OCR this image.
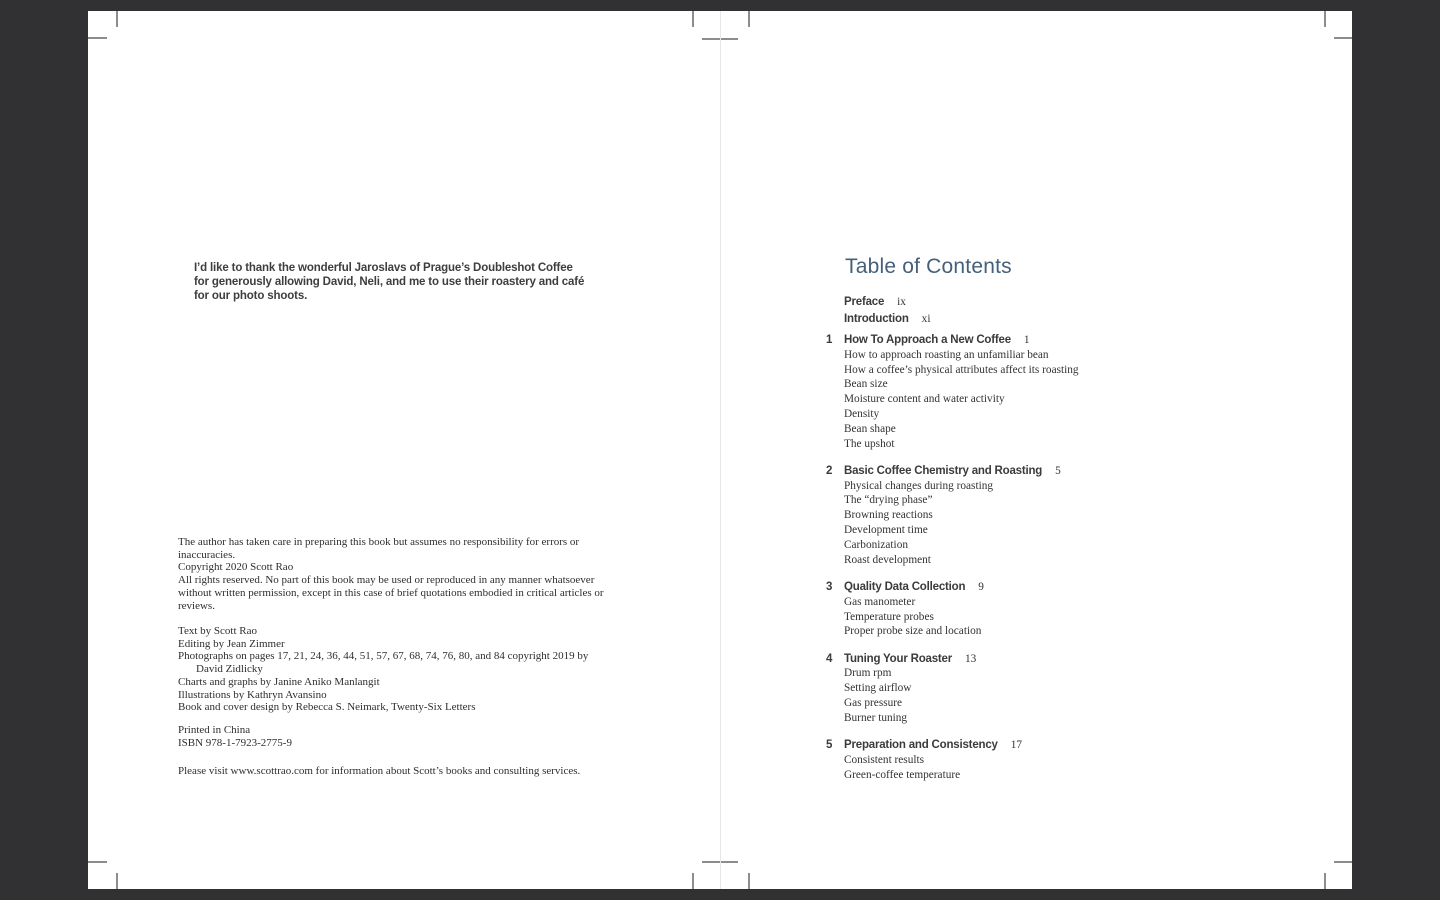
I’d like to thank the wonderful Jaroslavs of Prague’s Doubleshot Coffee
for generously allowing David, Neli, and me to use their roastery and café
for our photo shoots.
The author has taken care in preparing this book but assumes no responsibility for errors or
inaccuracies.
Copyright 2020 Scott Rao
All rights reserved. No part of this book may be used or reproduced in any manner whatsoever
without written permission, except in this case of brief quotations embodied in critical articles or
reviews.
Text by Scott Rao
Editing by Jean Zimmer
Photographs on pages 17, 21, 24, 36, 44, 51, 57, 67, 68, 74, 76, 80, and 84 copyright 2019 by
David Zidlicky
Charts and graphs by Janine Aniko Manlangit
Illustrations by Kathryn Avansino
Book and cover design by Rebecca S. Neimark, Twenty-Six Letters
Printed in China
ISBN 978-1-7923-2775-9
Please visit www.scottrao.com for information about Scott’s books and consulting services.
Table of Contents
Preface ix
Introduction xi
1 How To Approach a New Coffee 1
How to approach roasting an unfamiliar bean
How a coffee’s physical attributes affect its roasting
Bean size
Moisture content and water activity
Density
Bean shape
The upshot
2 Basic Coffee Chemistry and Roasting 5
Physical changes during roasting
The “drying phase”
Browning reactions
Development time
Carbonization
Roast development
3 Quality Data Collection 9
Gas manometer
Temperature probes
Proper probe size and location
4 Tuning Your Roaster 13
Drum rpm
Setting airflow
Gas pressure
Burner tuning
5 Preparation and Consistency 17
Consistent results
Green-coffee temperature
